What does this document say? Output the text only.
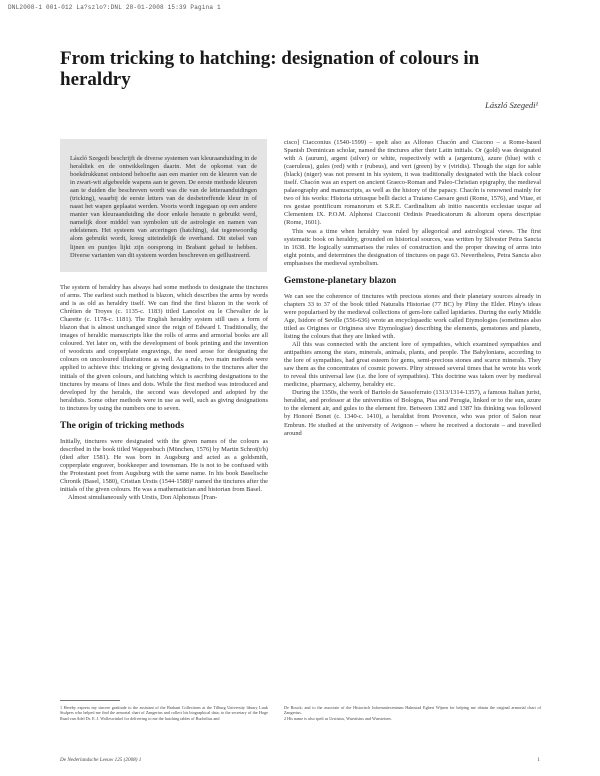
DNL2008-1 001-012 La?szlo?:DNL 28-01-2008 15:39 Pagina 1
From tricking to hatching: designation of colours in heraldry
László Szegedi¹

László Szegedi beschrijft de diverse systemen van kleuraanduiding in de heraldiek en de ontwikkelingen daarin. Met de opkomst van de boekdrukkunst ontstond behoefte aan een manier om de kleuren van de in zwart-wit afgebeelde wapens aan te geven. De eerste methode kleuren aan te duiden die beschreven wordt was die van de letteraanduidingen (tricking), waarbij de eerste letters van de desbetreffende kleur in of naast het wapen geplaatst werden. Voorts wordt ingegaan op een andere manier van kleuraanduiding die door enkele heraute n gebruikt werd, namelijk door middel van symbolen uit de astrologie en namen van edelstenen. Het systeem van arceringen (hatching), dat tegenwoordig alom gebruikt wordt, kreeg uiteindelijk de overhand. Dit stelsel van lijnen en puntjes lijkt zijn oorsprong in Brabant gehad te hebben. Diverse varianten van dit systeem worden beschreven en geïllustreerd.

The system of heraldry has always had some methods to designate the tinctures of arms. The earliest such method is blazon, which describes the arms by words and is as old as heraldry itself. We can find the first blazon in the work of Chrétien de Troyes (c. 1135-c. 1183) titled Lancelot ou le Chevalier de la Charette (c. 1178-c. 1181). The English heraldry system still uses a form of blazon that is almost unchanged since the reign of Edward I. Traditionally, the images of heraldic manuscripts like the rolls of arms and armorial books are all coloured. Yet later on, with the development of book printing and the invention of woodcuts and copperplate engravings, the need arose for designating the colours on uncoloured illustrations as well. As a rule, two main methods were applied to achieve this: tricking or giving designations to the tinctures after the initials of the given colours, and hatching which is ascribing designations to the tinctures by means of lines and dots. While the first method was introduced and developed by the heralds, the second was developed and adopted by the heraldists. Some other methods were in use as well, such as giving designations to tinctures by using the numbers one to seven.

The origin of tricking methods

Initially, tinctures were designated with the given names of the colours as described in the book titled Wappenbuch (München, 1576) by Martin Schrot(t/h) (died after 1581). He was born in Augsburg and acted as a goldsmith, copperplate engraver, bookkeeper and townsman. He is not to be confused with the Protestant poet from Augsburg with the same name. In his book Baselische Chronik (Basel, 1580), Cristian Urstis (1544-1588)² named the tinctures after the initials of the given colours. He was a mathematician and historian from Basel.

Almost simultaneously with Urstis, Don Alphonsus [Fran-

cisco] Ciacconius (1540-1599) – spelt also as Alfonso Chacón and Ciacono – a Rome-based Spanish Dominican scholar, named the tinctures after their Latin initials. Or (gold) was designated with A (aurum), argent (silver) or white, respectively with a (argentum), azure (blue) with c (caeruleus), gules (red) with r (rubeus), and vert (green) by v (viridis). Though the sign for sable (black) (niger) was not present in his system, it was traditionally designated with the black colour itself. Chacón was an expert on ancient Graeco-Roman and Paleo-Christian epigraphy, the medieval palaeography and manuscripts, as well as the history of the papacy. Chacón is renowned mainly for two of his works: Historia utriusque belli dacici a Traiano Caesare gesti (Rome, 1576), and Vitae, et res gestae pontificum romanorum et S.R.E. Cardinalium ab initio nascentis ecclesiae usque ad Clementem IX. P.O.M. Alphonsi Ciacconii Ordinis Praedicatorum & aliorum opera descriptae (Rome, 1601).

This was a time when heraldry was ruled by allegorical and astrological views. The first systematic book on heraldry, grounded on historical sources, was written by Silvester Petra Sancta in 1638. He logically summarises the rules of construction and the proper drawing of arms into eight points, and determines the designation of tinctures on page 63. Nevertheless, Petra Sancta also emphasises the medieval symbolism.

Gemstone-planetary blazon

We can see the coherence of tinctures with precious stones and their planetary sources already in chapters 33 to 37 of the book titled Naturalis Historiae (77 BC) by Pliny the Elder. Pliny's ideas were popularised by the medieval collections of gem-lore called lapidaries. During the early Middle Age, Isidore of Seville (556-636) wrote an encyclopaedic work called Etymologies (sometimes also titled as Origines or Originess sive Etymologiae) describing the elements, gemstones and planets, listing the colours that they are linked with.

All this was connected with the ancient lore of sympathies, which examined sympathies and antipathies among the stars, minerals, animals, plants, and people. The Babylonians, according to the lore of sympathies, had great esteem for gems, semi-precious stones and scarce minerals. They saw them as the concentrates of cosmic powers. Pliny stressed several times that he wrote his work to reveal this universal law (i.e. the lore of sympathies). This doctrine was taken over by medieval medicine, pharmacy, alchemy, heraldry etc.

During the 1350s, the work of Bartolo de Sassoferrato (1313/1314-1357), a famous Italian jurist, heraldist, and professor at the universities of Bologna, Pisa and Perugia, linked or to the sun, azure to the element air, and gules to the element fire. Between 1382 and 1387 his thinking was followed by Honoré Bonet (c. 1340-c. 1410), a heraldist from Provence, who was prior of Salon near Embrun. He studied at the university of Avignon – where he received a doctorate – and travelled around

1 Hereby express my sincere gratitude to the assistant of the Brabant Collections at the Tilburg University library Luuk Stulpers who helped me find the armorial chart of Zangerius and collect his biographical data; to the secretary of the Hoge Raad van Adel Dr. E. J. Wolleswinkel for delivering to me the hatching tables of Buchelius and
De Rouck; and to the associate of the Historisch Informatiecentrum Halmstad Egbert Wijnen for helping me obtain the original armorial chart of Zangerius.
2 His name is also spelt as Urstisius, Wurstisius and Wursteisen.
De Nederlandsche Leeuw 125 (2008) 1	1
